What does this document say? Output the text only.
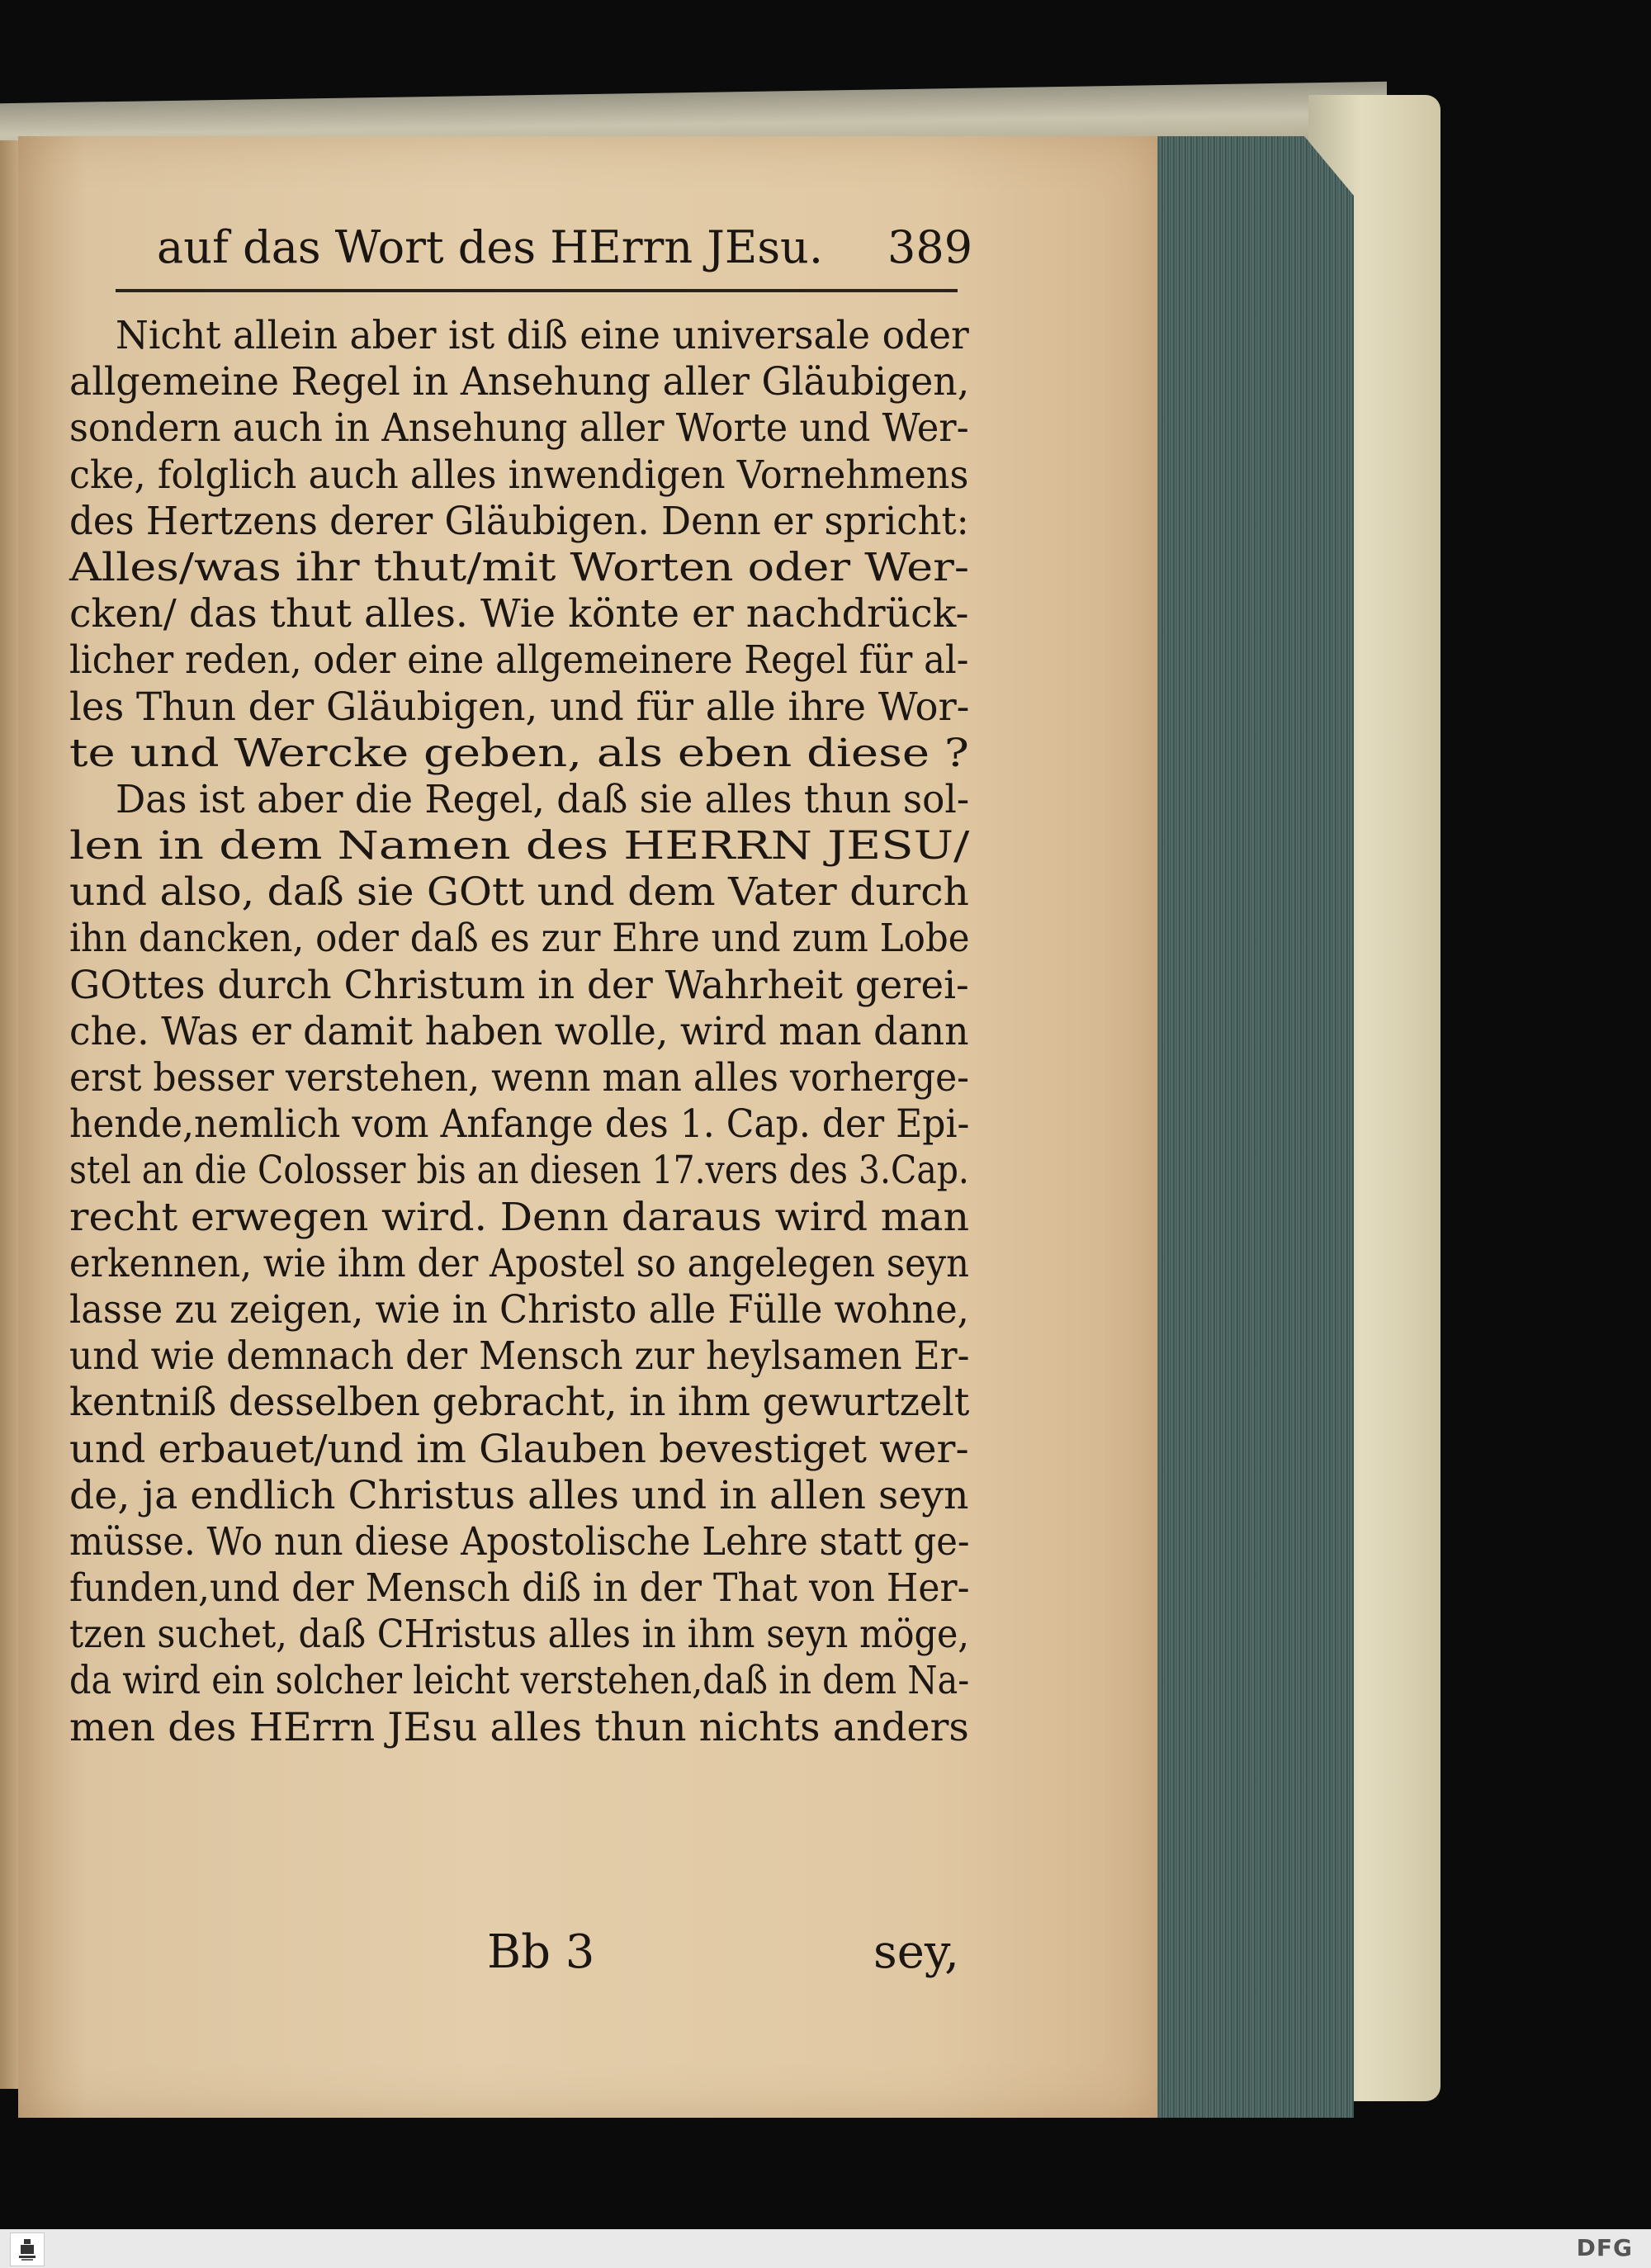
auf das Wort des HErrn JEsu.	389
Nicht allein aber ist diß eine universale oder
allgemeine Regel in Ansehung aller Gläubigen,
sondern auch in Ansehung aller Worte und Wer-
cke, folglich auch alles inwendigen Vornehmens
des Hertzens derer Gläubigen. Denn er spricht:
Alles/was ihr thut/mit Worten oder Wer-
cken/ das thut alles. Wie könte er nachdrück-
licher reden, oder eine allgemeinere Regel für al-
les Thun der Gläubigen, und für alle ihre Wor-
te und Wercke geben, als eben diese ?
Das ist aber die Regel, daß sie alles thun sol-
len in dem Namen des HERRN JESU/
und also, daß sie GOtt und dem Vater durch
ihn dancken, oder daß es zur Ehre und zum Lobe
GOttes durch Christum in der Wahrheit gerei-
che. Was er damit haben wolle, wird man dann
erst besser verstehen, wenn man alles vorherge-
hende,nemlich vom Anfange des 1. Cap. der Epi-
stel an die Colosser bis an diesen 17.vers des 3.Cap.
recht erwegen wird. Denn daraus wird man
erkennen, wie ihm der Apostel so angelegen seyn
lasse zu zeigen, wie in Christo alle Fülle wohne,
und wie demnach der Mensch zur heylsamen Er-
kentniß desselben gebracht, in ihm gewurtzelt
und erbauet/und im Glauben bevestiget wer-
de, ja endlich Christus alles und in allen seyn
müsse. Wo nun diese Apostolische Lehre statt ge-
funden,und der Mensch diß in der That von Her-
tzen suchet, daß CHristus alles in ihm seyn möge,
da wird ein solcher leicht verstehen,daß in dem Na-
men des HErrn JEsu alles thun nichts anders
Bb 3	sey,
DFG
